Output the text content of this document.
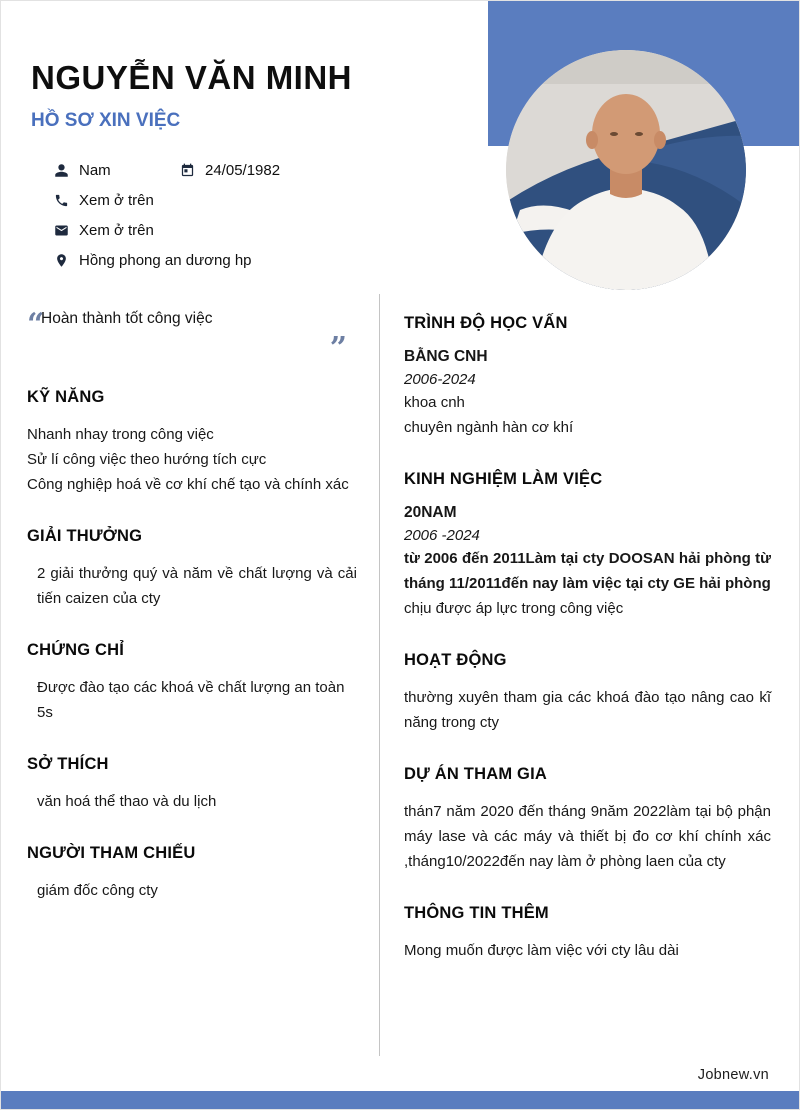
NGUYỄN VĂN MINH
HỒ SƠ XIN VIỆC
Nam	24/05/1982
Xem ở trên
Xem ở trên
Hồng phong an dương hp
“
Hoàn thành tốt công việc
”
KỸ NĂNG
Nhanh nhay trong công việc
Sử lí công việc theo hướng tích cực
Công nghiệp hoá về cơ khí chế tạo và chính xác
GIẢI THƯỞNG
2 giải thưởng quý và năm về chất lượng và cải tiến caizen của cty
CHỨNG CHỈ
Được đào tạo các khoá về chất lượng an toàn 5s
SỞ THÍCH
văn hoá thể thao và du lịch
NGƯỜI THAM CHIẾU
giám đốc công cty
TRÌNH ĐỘ HỌC VẤN
BẰNG CNH
2006-2024
khoa cnh
chuyên ngành hàn cơ khí
KINH NGHIỆM LÀM VIỆC
20NAM
2006 -2024
từ 2006 đến 2011Làm tại cty DOOSAN hải phòng từ tháng 11/2011đến nay làm việc tại cty GE hải phòng
chịu được áp lực trong công việc
HOẠT ĐỘNG
thường xuyên tham gia các khoá đào tạo nâng cao kĩ năng trong cty
DỰ ÁN THAM GIA
thán7 năm 2020 đến tháng 9năm 2022làm tại bộ phận máy lase và các máy và thiết bị đo cơ khí chính xác ,tháng10/2022đến nay làm ở phòng laen của cty
THÔNG TIN THÊM
Mong muốn được làm việc với cty lâu dài
Jobnew.vn
